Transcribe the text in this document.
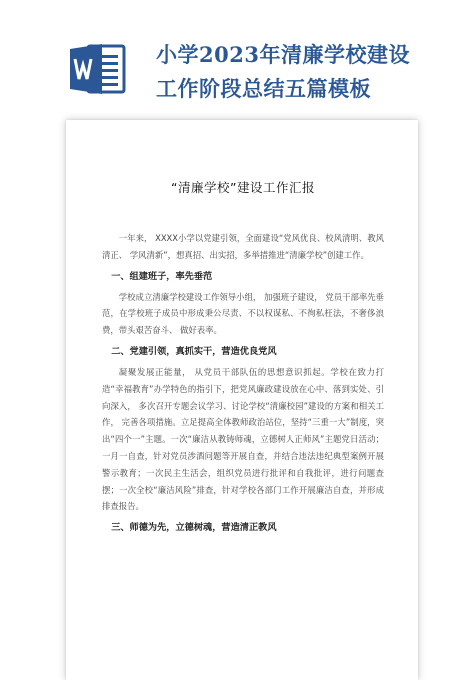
小学2023年清廉学校建设
工作阶段总结五篇模板
“清廉学校”建设工作汇报

一年来， XXXX小学以党建引领，全面建设“党风优良、校风清明、教风清正、 学风清新”，想真招、出实招，多举措推进“清廉学校”创建工作。

一、组建班子，率先垂范

学校成立清廉学校建设工作领导小组， 加强班子建设， 党员干部率先垂范，在学校班子成员中形成秉公尽责、不以权谋私、不徇私枉法，不奢侈浪费，带头艰苦奋斗、 做好表率。

二、党建引领，真抓实干，营造优良党风

凝聚发展正能量， 从党员干部队伍的思想意识抓起。学校在致力打造“幸福教育”办学特色的指引下，把党风廉政建设放在心中、落到实处、引向深入， 多次召开专题会议学习、讨论学校“清廉校园”建设的方案和相关工作， 完善各项措施。立足提高全体教师政治站位，坚持“三重一大”制度，突出“四个一”主题。一次“廉洁从教铸师魂，立德树人正师风”主题党日活动；一月一自查，针对党员涉酒问题等开展自查，并结合违法违纪典型案例开展警示教育；一次民主生活会，组织党员进行批评和自我批评，进行问题查摆；一次全校“廉洁风险”排查，针对学校各部门工作开展廉洁自查，并形成排查报告。

三、师德为先，立德树魂，营造清正教风
